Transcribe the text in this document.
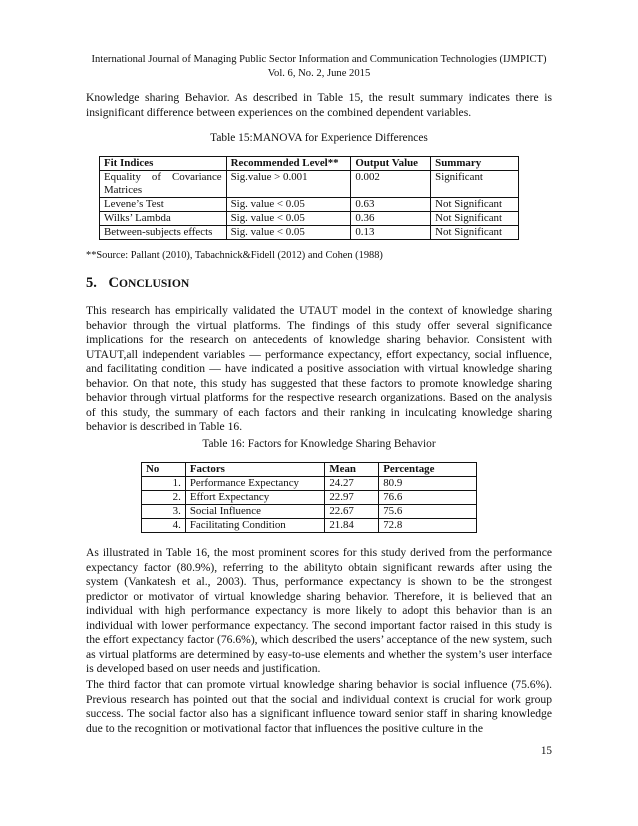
International Journal of Managing Public Sector Information and Communication Technologies (IJMPICT)
Vol. 6, No. 2, June 2015

Knowledge sharing Behavior. As described in Table 15, the result summary indicates there is insignificant difference between experiences on the combined dependent variables.

Table 15:MANOVA for Experience Differences
Fit Indices	Recommended Level**	Output Value	Summary
Equality of Covariance Matrices	Sig.value > 0.001	0.002	Significant
Levene’s Test	Sig. value < 0.05	0.63	Not Significant
Wilks’ Lambda	Sig. value < 0.05	0.36	Not Significant
Between-subjects effects	Sig. value < 0.05	0.13	Not Significant
**Source: Pallant (2010), Tabachnick&Fidell (2012) and Cohen (1988)
5. CONCLUSION

This research has empirically validated the UTAUT model in the context of knowledge sharing behavior through the virtual platforms. The findings of this study offer several significance implications for the research on antecedents of knowledge sharing behavior. Consistent with UTAUT,all independent variables — performance expectancy, effort expectancy, social influence, and facilitating condition — have indicated a positive association with virtual knowledge sharing behavior. On that note, this study has suggested that these factors to promote knowledge sharing behavior through virtual platforms for the respective research organizations. Based on the analysis of this study, the summary of each factors and their ranking in inculcating knowledge sharing behavior is described in Table 16.

Table 16: Factors for Knowledge Sharing Behavior
No	Factors	Mean	Percentage
1.	Performance Expectancy	24.27	80.9
2.	Effort Expectancy	22.97	76.6
3.	Social Influence	22.67	75.6
4.	Facilitating Condition	21.84	72.8

As illustrated in Table 16, the most prominent scores for this study derived from the performance expectancy factor (80.9%), referring to the abilityto obtain significant rewards after using the system (Vankatesh et al., 2003). Thus, performance expectancy is shown to be the strongest predictor or motivator of virtual knowledge sharing behavior. Therefore, it is believed that an individual with high performance expectancy is more likely to adopt this behavior than is an individual with lower performance expectancy. The second important factor raised in this study is the effort expectancy factor (76.6%), which described the users’ acceptance of the new system, such as virtual platforms are determined by easy-to-use elements and whether the system’s user interface is developed based on user needs and justification.

The third factor that can promote virtual knowledge sharing behavior is social influence (75.6%). Previous research has pointed out that the social and individual context is crucial for work group success. The social factor also has a significant influence toward senior staff in sharing knowledge due to the recognition or motivational factor that influences the positive culture in the

15
